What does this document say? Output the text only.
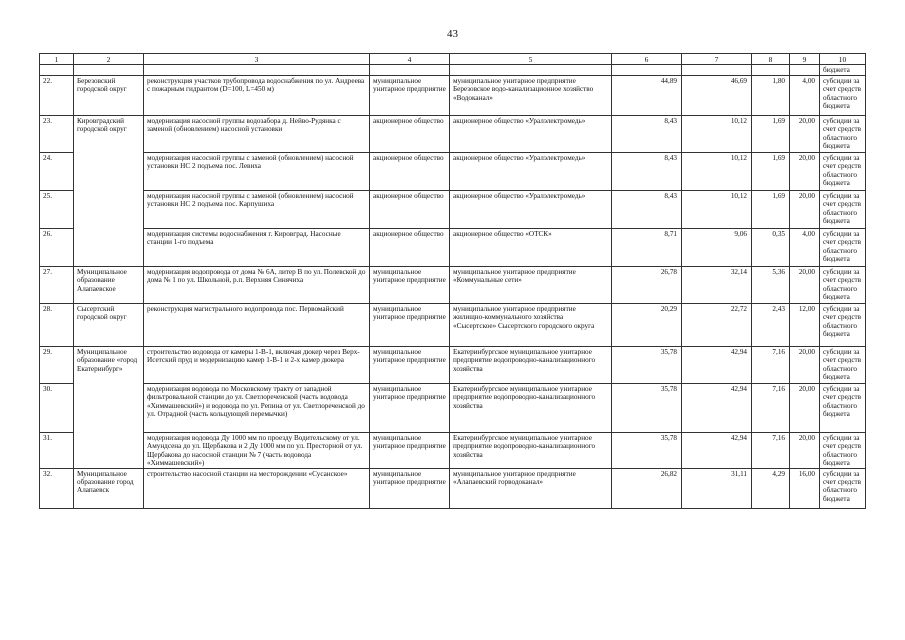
43
1	2	3	4	5	6	7	8	9	10
									бюджета
22.	Березовский городской округ	реконструкция участков трубопровода водоснабжения по ул. Андреева с пожарным гидрантом (D=100, L=450 м)	муниципальное унитарное предприятие	муниципальное унитарное предприятие Березовское водо-канализационное хозяйство «Водоканал»	44,89	46,69	1,80	4,00	субсидии за счет средств областного бюджета
23.	Кировградский городской округ	модернизация насосной группы водозабора д. Нейво-Рудянка с заменой (обновлением) насосной установки	акционерное общество	акционерное общество «Уралэлектромедь»	8,43	10,12	1,69	20,00	субсидии за счет средств областного бюджета
24.		модернизация насосной группы с заменой (обновлением) насосной установки НС 2 подъема пос. Левиха	акционерное общество	акционерное общество «Уралэлектромедь»	8,43	10,12	1,69	20,00	субсидии за счет средств областного бюджета
25.		модернизация насосной группы с заменой (обновлением) насосной установки НС 2 подъема пос. Карпушиха	акционерное общество	акционерное общество «Уралэлектромедь»	8,43	10,12	1,69	20,00	субсидии за счет средств областного бюджета
26.		модернизация системы водоснабжения г. Кировград. Насосные станции 1-го подъема	акционерное общество	акционерное общество «ОТСК»	8,71	9,06	0,35	4,00	субсидии за счет средств областного бюджета
27.	Муниципальное образование Алапаевское	модернизация водопровода от дома № 6А, литер В по ул. Полевской до дома № 1 по ул. Школьной, р.п. Верхняя Синячиха	муниципальное унитарное предприятие	муниципальное унитарное предприятие «Коммунальные сети»	26,78	32,14	5,36	20,00	субсидии за счет средств областного бюджета
28.	Сысертский городской округ	реконструкция магистрального водопровода пос. Первомайский	муниципальное унитарное предприятие	муниципальное унитарное предприятие жилищно-коммунального хозяйства «Сысертское» Сысертского городского округа	20,29	22,72	2,43	12,00	субсидии за счет средств областного бюджета
29.	Муниципальное образование «город Екатеринбург»	строительство водовода от камеры 1-В-1, включая дюкер через Верх-Исетский пруд и модернизацию камер 1-В-1 и 2-х камер дюкера	муниципальное унитарное предприятие	Екатеринбургское муниципальное унитарное предприятие водопроводно-канализационного хозяйства	35,78	42,94	7,16	20,00	субсидии за счет средств областного бюджета
30.		модернизация водовода по Московскому тракту от западной фильтровальной станции до ул. Светлореченской (часть водовода «Химмашевский») и водовода по ул. Репина от ул. Светлореченской до ул. Отрадной (часть кольцующей перемычки)	муниципальное унитарное предприятие	Екатеринбургское муниципальное унитарное предприятие водопроводно-канализационного хозяйства	35,78	42,94	7,16	20,00	субсидии за счет средств областного бюджета
31.		модернизация водовода Ду 1000 мм по проезду Водительскому от ул. Амундсена до ул. Щербакова и 2 Ду 1000 мм по ул. Престорной от ул. Щербакова до насосной станции № 7 (часть водовода «Химмашевский»)	муниципальное унитарное предприятие	Екатеринбургское муниципальное унитарное предприятие водопроводно-канализационного хозяйства	35,78	42,94	7,16	20,00	субсидии за счет средств областного бюджета
32.	Муниципальное образование город Алапаевск	строительство насосной станции на месторождении «Сусанское»	муниципальное унитарное предприятие	муниципальное унитарное предприятие «Алапаевский горводоканал»	26,82	31,11	4,29	16,00	субсидии за счет средств областного бюджета
